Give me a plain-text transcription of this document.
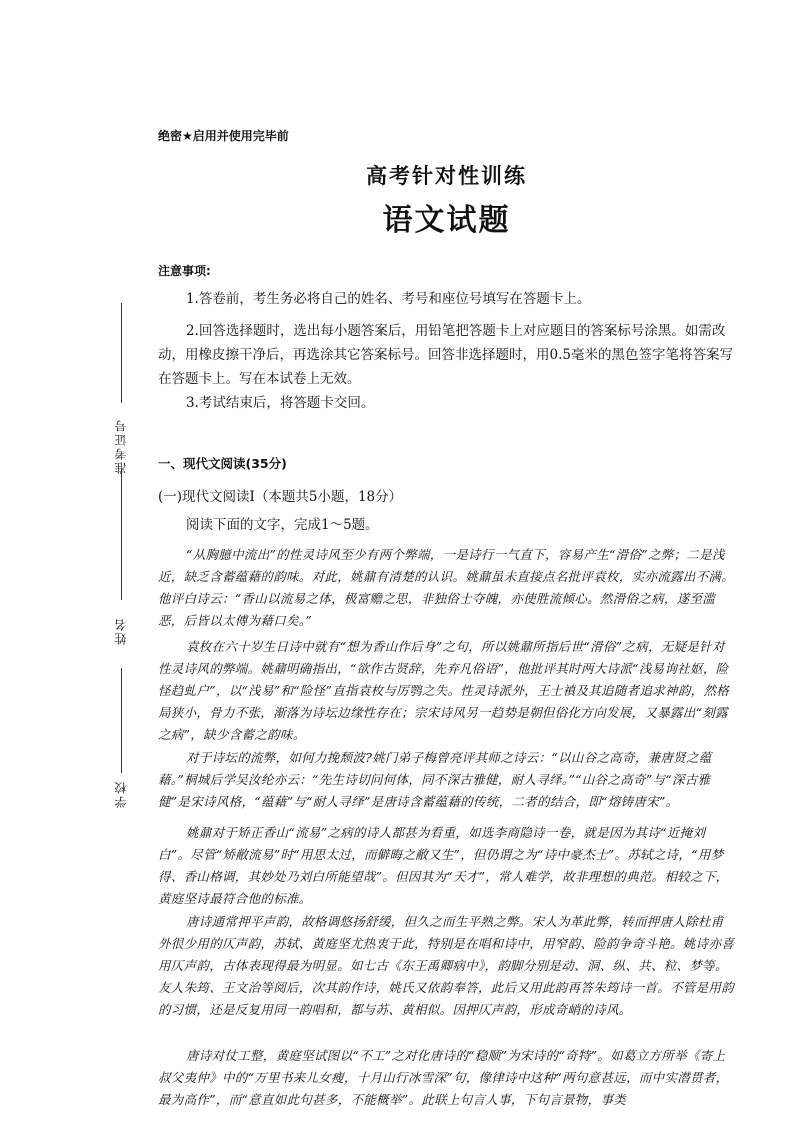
准考证号
姓名
学校
绝密★启用并使用完毕前
高考针对性训练
语文试题
注意事项:
1.答卷前，考生务必将自己的姓名、考号和座位号填写在答题卡上。
2.回答选择题时，选出每小题答案后，用铅笔把答题卡上对应题目的答案标号涂黑。如需改动，用橡皮擦干净后，再选涂其它答案标号。回答非选择题时，用0.5毫米的黑色签字笔将答案写在答题卡上。写在本试卷上无效。
3.考试结束后，将答题卡交回。
一、现代文阅读(35分)
(一)现代文阅读I（本题共5小题，18分）
阅读下面的文字，完成1～5题。
“从胸臆中流出”的性灵诗风至少有两个弊端，一是诗行一气直下，容易产生“滑俗”之弊；二是浅近，缺乏含蓄蕴藉的韵味。对此，姚鼐有清楚的认识。姚鼐虽未直接点名批评袁枚，实亦流露出不满。他评白诗云：“香山以流易之体，极富赡之思，非独俗士夺魄，亦使胜流倾心。然滑俗之病，遂至滥恶，后皆以太傅为藉口矣。”
袁枚在六十岁生日诗中就有“想为香山作后身”之句，所以姚鼐所指后世“滑俗”之病，无疑是针对性灵诗风的弊端。姚鼐明确指出，“欲作古贤辞，先弃凡俗语”，他批评其时两大诗派“浅易询社妪，险怪趋虬户”，以“浅易”和“险怪”直指袁枚与厉鹗之失。性灵诗派外，王士禛及其追随者追求神韵，然格局狭小，骨力不张，渐落为诗坛边缘性存在；宗宋诗风另一趋势是朝但俗化方向发展，又暴露出“刻露之病”，缺少含蓄之韵味。
对于诗坛的流弊，如何力挽颓波?姚门弟子梅曾亮评其师之诗云：“以山谷之高奇，兼唐贤之蕴藉。”桐城后学吴汝纶亦云：“先生诗切问何体，同不深古雅健，耐人寻绎。”“山谷之高奇”与“深古雅健”是宋诗风格，“蕴藉”与“耐人寻绎”是唐诗含蓄蕴藉的传统，二者的结合，即“熔铸唐宋”。
姚鼐对于矫正香山“流易”之病的诗人都甚为看重，如选李商隐诗一卷，就是因为其诗“近掩刘白”。尽管“矫敝流易”时“用思太过，而僻晦之敝又生”，但仍谓之为“诗中豪杰士”。苏轼之诗，“用梦得、香山格调，其妙处乃刘白所能望哉”。但因其为“天才”，常人难学，故非理想的典范。相较之下，黄庭坚诗最符合他的标准。
唐诗通常押平声韵，故格调悠扬舒缓，但久之而生平熟之弊。宋人为革此弊，转而押唐人除杜甫外很少用的仄声韵，苏轼、黄庭坚尤热衷于此，特别是在唱和诗中，用窄韵、险韵争奇斗艳。姚诗亦喜用仄声韵，古体表现得最为明显。如七古《东王禹卿病中》，韵脚分别是动、洞、纵、共、粒、梦等。友人朱筠、王文治等阅后，次其韵作诗，姚氏又依韵奉答，此后又用此韵再答朱筠诗一首。不管是用韵的习惯，还是反复用同一韵唱和，都与苏、黄相似。因押仄声韵，形成奇峭的诗风。
唐诗对仗工整，黄庭坚试图以“不工”之对化唐诗的“稳顺”为宋诗的“奇特”。如葛立方所举《寄上叔父夷仲》中的“万里书来儿女瘦，十月山行冰雪深”句，像律诗中这种“两句意甚远，而中实潜贯者，最为高作”，而“意直如此句甚多，不能概举”。此联上句言人事，下句言景物，事类
